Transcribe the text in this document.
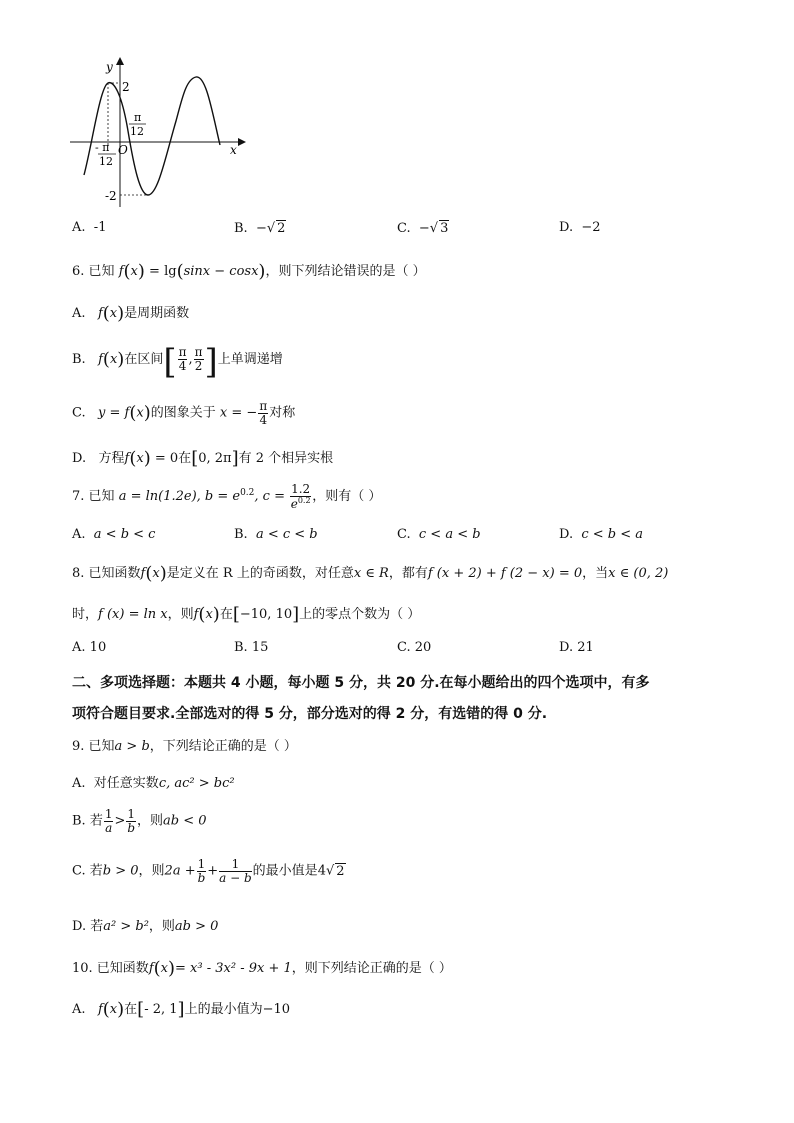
y
x
O
2
-2
π
12
- π
12
A. -1	B. −√ 2	C. −√ 3	D. −2
6. 已知 f(x) = lg(sinx − cosx)，则下列结论错误的是（ ）
A. f(x)是周期函数
B. f(x)在区间[ $\frac{\pi}{4}$ , $\frac{\pi}{2}$ ]上单调递增
C. y = f(x)的图象关于 x = − $\frac{\pi}{4}$ 对称
D. 方程f(x) = 0在[0, 2π]有 2 个相异实根
7. 已知 a = ln(1.2e), $b = e^{0.2}$, $c = \frac{1.2}{e^{0.2}}$ ，则有（ ）
A. a < b < c	B. a < c < b	C. c < a < b	D. c < b < a
8. 已知函数f(x)是定义在 R 上的奇函数，对任意x ∈ R，都有f (x + 2) + f (2 − x) = 0，当x ∈ (0, 2)
时，f (x) = ln x，则f(x)在[−10, 10]上的零点个数为（ ）
A. 10	B. 15	C. 20	D. 21
二、多项选择题：本题共 4 小题，每小题 5 分，共 20 分.在每小题给出的四个选项中，有多
项符合题目要求.全部选对的得 5 分，部分选对的得 2 分，有选错的得 0 分.
9. 已知a > b，下列结论正确的是（ ）
A. 对任意实数c, ac² > bc²
B. 若 $\frac{1}{a} > \frac{1}{b}$ ，则ab < 0
C. 若b > 0，则$2a + \frac{1}{b} + \frac{1}{a - b}$ 的最小值是4√ 2
D. 若a² > b²，则ab > 0
10. 已知函数f(x)= x³ - 3x² - 9x + 1，则下列结论正确的是（ ）
A. f(x)在[- 2, 1]上的最小值为−10
